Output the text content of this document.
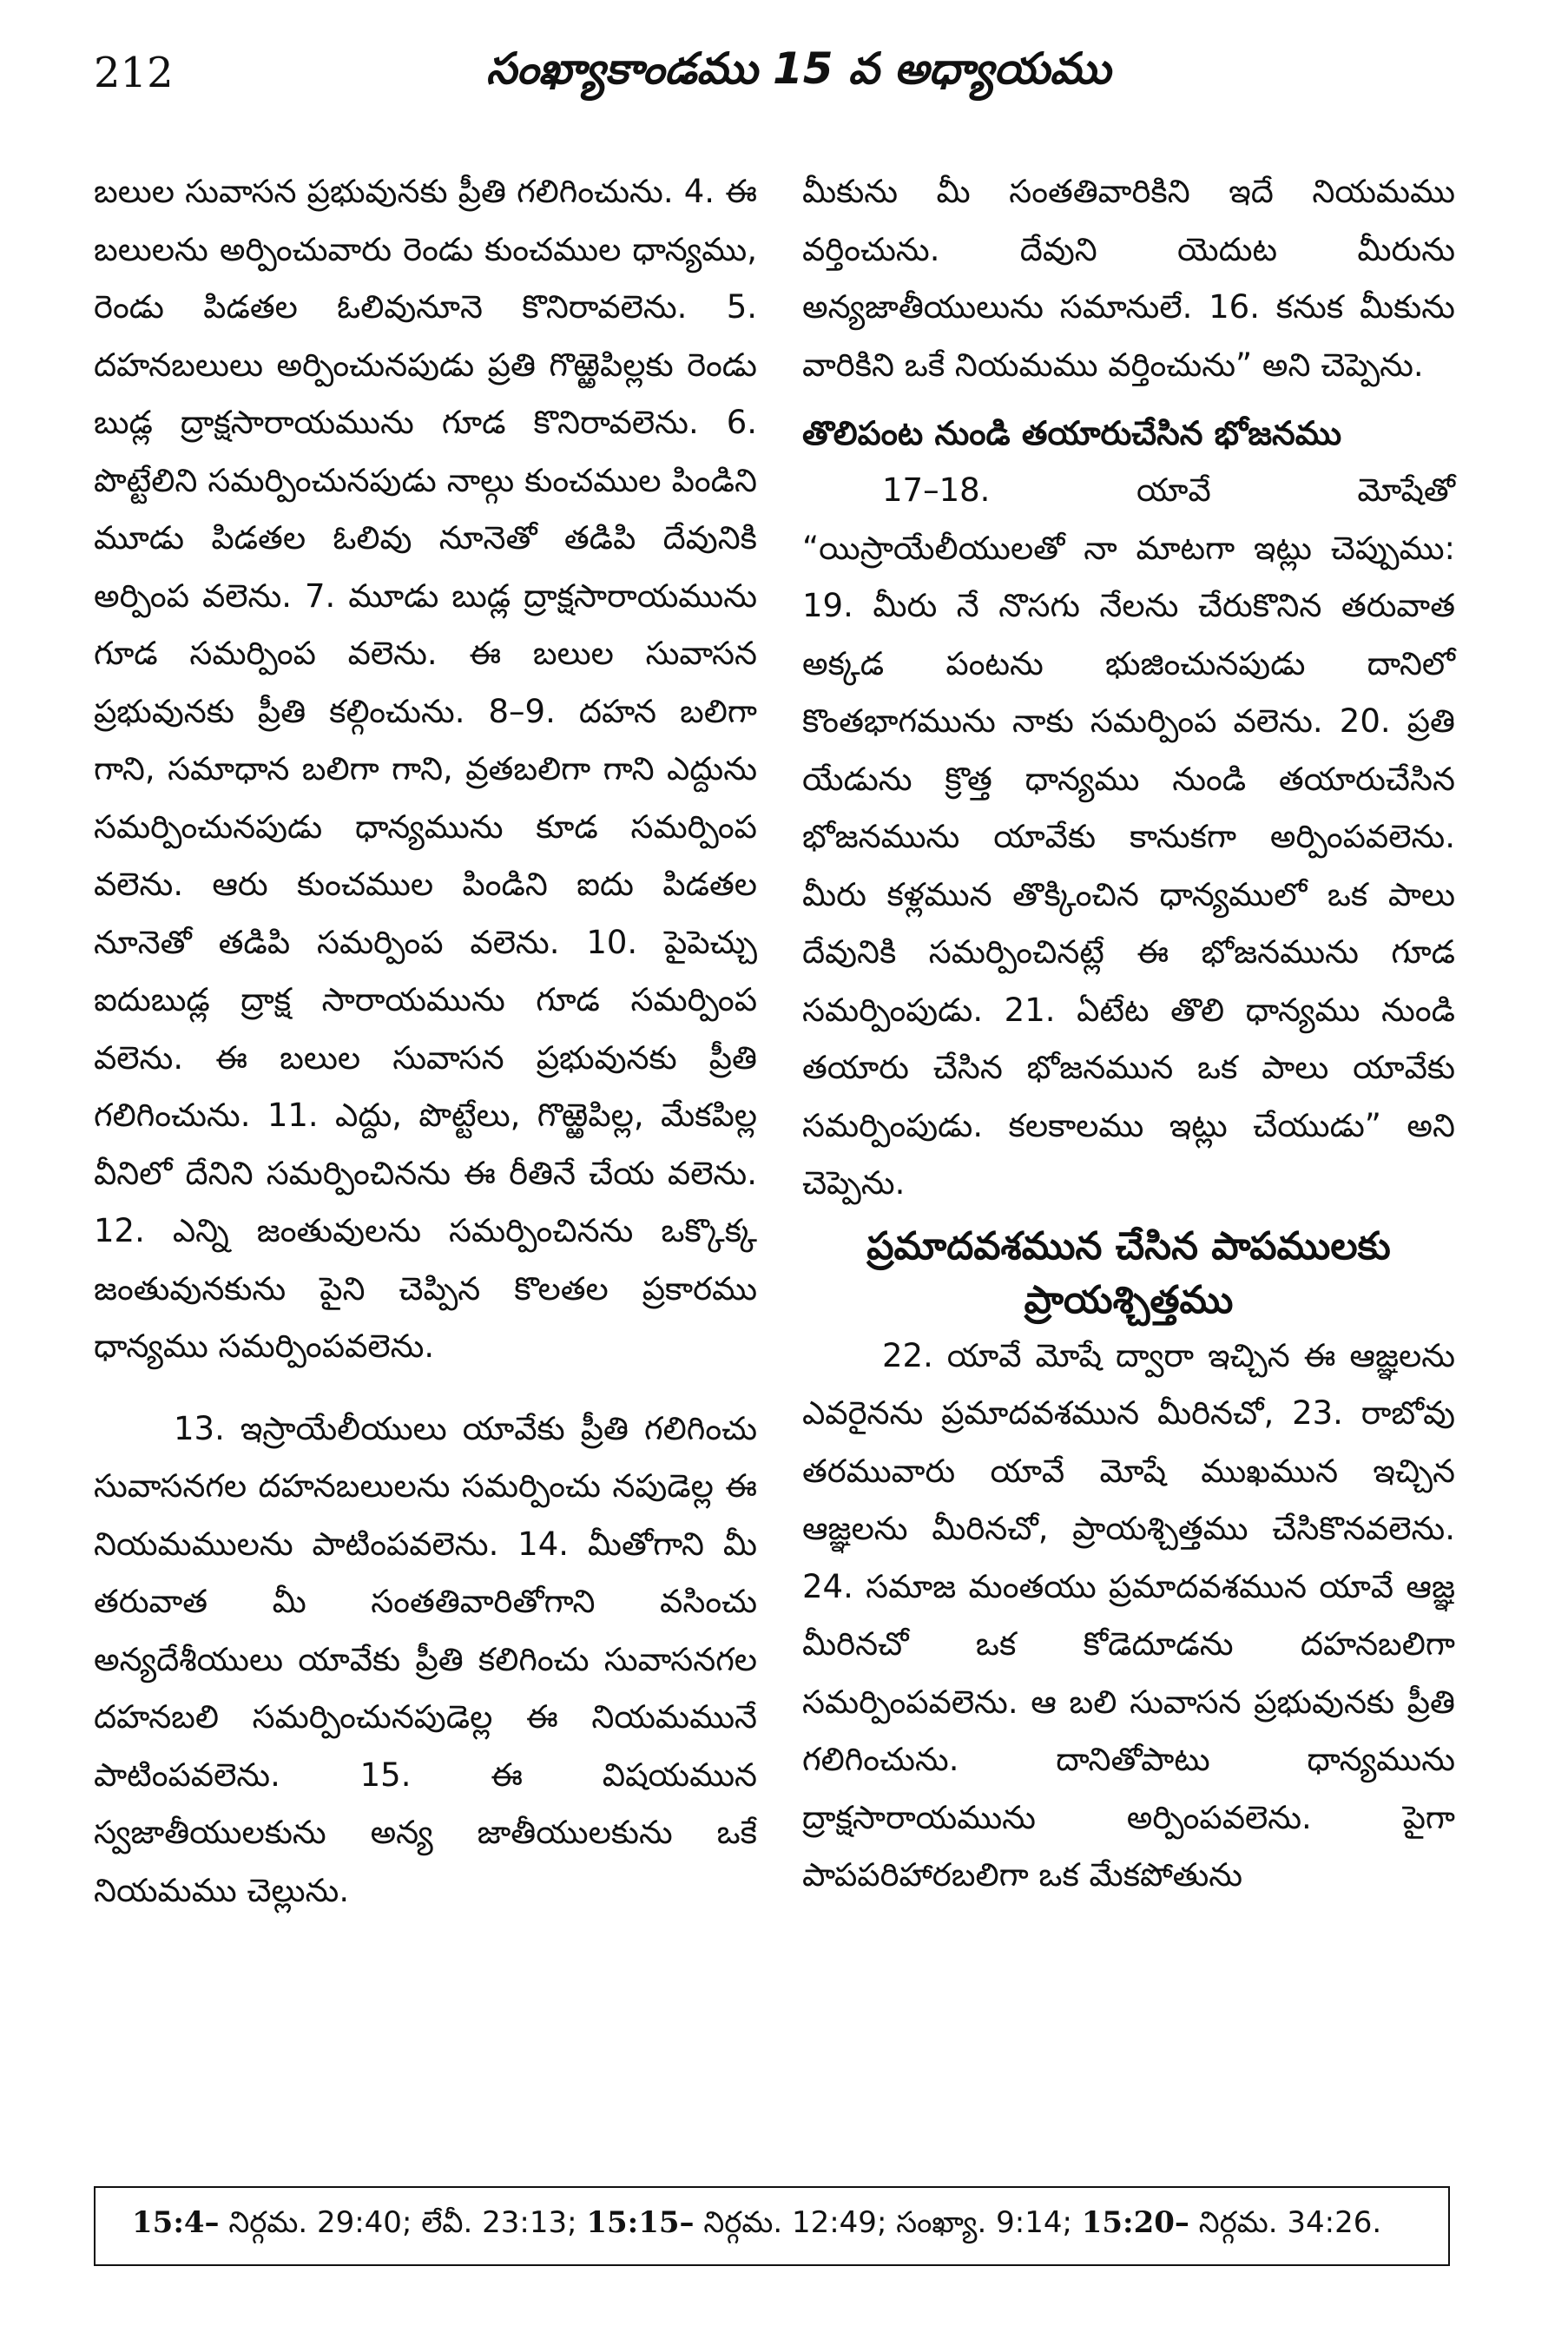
212	సంఖ్యాకాండము 15 వ అధ్యాయము

బలుల సువాసన ప్రభువునకు ప్రీతి గలిగించును. 4. ఈ బలులను అర్పించువారు రెండు కుంచముల ధాన్యము, రెండు పిడతల ఓలివునూనె కొనిరావలెను. 5. దహనబలులు అర్పించునపుడు ప్రతి గొఱ్ఱెపిల్లకు రెండు బుడ్ల ద్రాక్షసారాయమును గూడ కొనిరావలెను. 6. పొట్టేలిని సమర్పించునపుడు నాల్గు కుంచముల పిండిని మూడు పిడతల ఓలివు నూనెతో తడిపి దేవునికి అర్పింప వలెను. 7. మూడు బుడ్ల ద్రాక్షసారాయమును గూడ సమర్పింప వలెను. ఈ బలుల సువాసన ప్రభువునకు ప్రీతి కల్గించును. 8–9. దహన బలిగా గాని, సమాధాన బలిగా గాని, వ్రతబలిగా గాని ఎద్దును సమర్పించునపుడు ధాన్యమును కూడ సమర్పింప వలెను. ఆరు కుంచముల పిండిని ఐదు పిడతల నూనెతో తడిపి సమర్పింప వలెను. 10. పైపెచ్చు ఐదుబుడ్ల ద్రాక్ష సారాయమును గూడ సమర్పింప వలెను. ఈ బలుల సువాసన ప్రభువునకు ప్రీతి గలిగించును. 11. ఎద్దు, పొట్టేలు, గొఱ్ఱెపిల్ల, మేకపిల్ల వీనిలో దేనిని సమర్పించినను ఈ రీతినే చేయ వలెను. 12. ఎన్ని జంతువులను సమర్పించినను ఒక్కొక్క జంతువునకును పైని చెప్పిన కొలతల ప్రకారము ధాన్యము సమర్పింపవలెను.

13. ఇస్రాయేలీయులు యావేకు ప్రీతి గలిగించు సువాసనగల దహనబలులను సమర్పించు నపుడెల్ల ఈ నియమములను పాటింపవలెను. 14. మీతోగాని మీ తరువాత మీ సంతతివారితోగాని వసించు అన్యదేశీయులు యావేకు ప్రీతి కలిగించు సువాసనగల దహనబలి సమర్పించునపుడెల్ల ఈ నియమమునే పాటింపవలెను. 15. ఈ విషయమున స్వజాతీయులకును అన్య జాతీయులకును ఒకే నియమము చెల్లును.

మీకును మీ సంతతివారికిని ఇదే నియమము వర్తించును. దేవుని యెదుట మీరును అన్యజాతీయులును సమానులే. 16. కనుక మీకును వారికిని ఒకే నియమము వర్తించును” అని చెప్పెను.

తొలిపంట నుండి తయారుచేసిన భోజనము

17–18. యావే మోషేతో “యిస్రాయేలీయులతో నా మాటగా ఇట్లు చెప్పుము: 19. మీరు నే నొసగు నేలను చేరుకొనిన తరువాత అక్కడ పంటను భుజించునపుడు దానిలో కొంతభాగమును నాకు సమర్పింప వలెను. 20. ప్రతి యేడును క్రొత్త ధాన్యము నుండి తయారుచేసిన భోజనమును యావేకు కానుకగా అర్పింపవలెను. మీరు కళ్లమున తొక్కించిన ధాన్యములో ఒక పాలు దేవునికి సమర్పించినట్లే ఈ భోజనమును గూడ సమర్పింపుడు. 21. ఏటేట తొలి ధాన్యము నుండి తయారు చేసిన భోజనమున ఒక పాలు యావేకు సమర్పింపుడు. కలకాలము ఇట్లు చేయుడు” అని చెప్పెను.

ప్రమాదవశమున చేసిన పాపములకు ప్రాయశ్చిత్తము

22. యావే మోషే ద్వారా ఇచ్చిన ఈ ఆజ్ఞలను ఎవరైనను ప్రమాదవశమున మీరినచో, 23. రాబోవు తరమువారు యావే మోషే ముఖమున ఇచ్చిన ఆజ్ఞలను మీరినచో, ప్రాయశ్చిత్తము చేసికొనవలెను. 24. సమాజ మంతయు ప్రమాదవశమున యావే ఆజ్ఞ మీరినచో ఒక కోడెదూడను దహనబలిగా సమర్పింపవలెను. ఆ బలి సువాసన ప్రభువునకు ప్రీతి గలిగించును. దానితోపాటు ధాన్యమును ద్రాక్షసారాయమును అర్పింపవలెను. పైగా పాపపరిహారబలిగా ఒక మేకపోతును

15:4– నిర్గమ. 29:40; లేవీ. 23:13; 15:15– నిర్గమ. 12:49; సంఖ్యా. 9:14; 15:20– నిర్గమ. 34:26.
